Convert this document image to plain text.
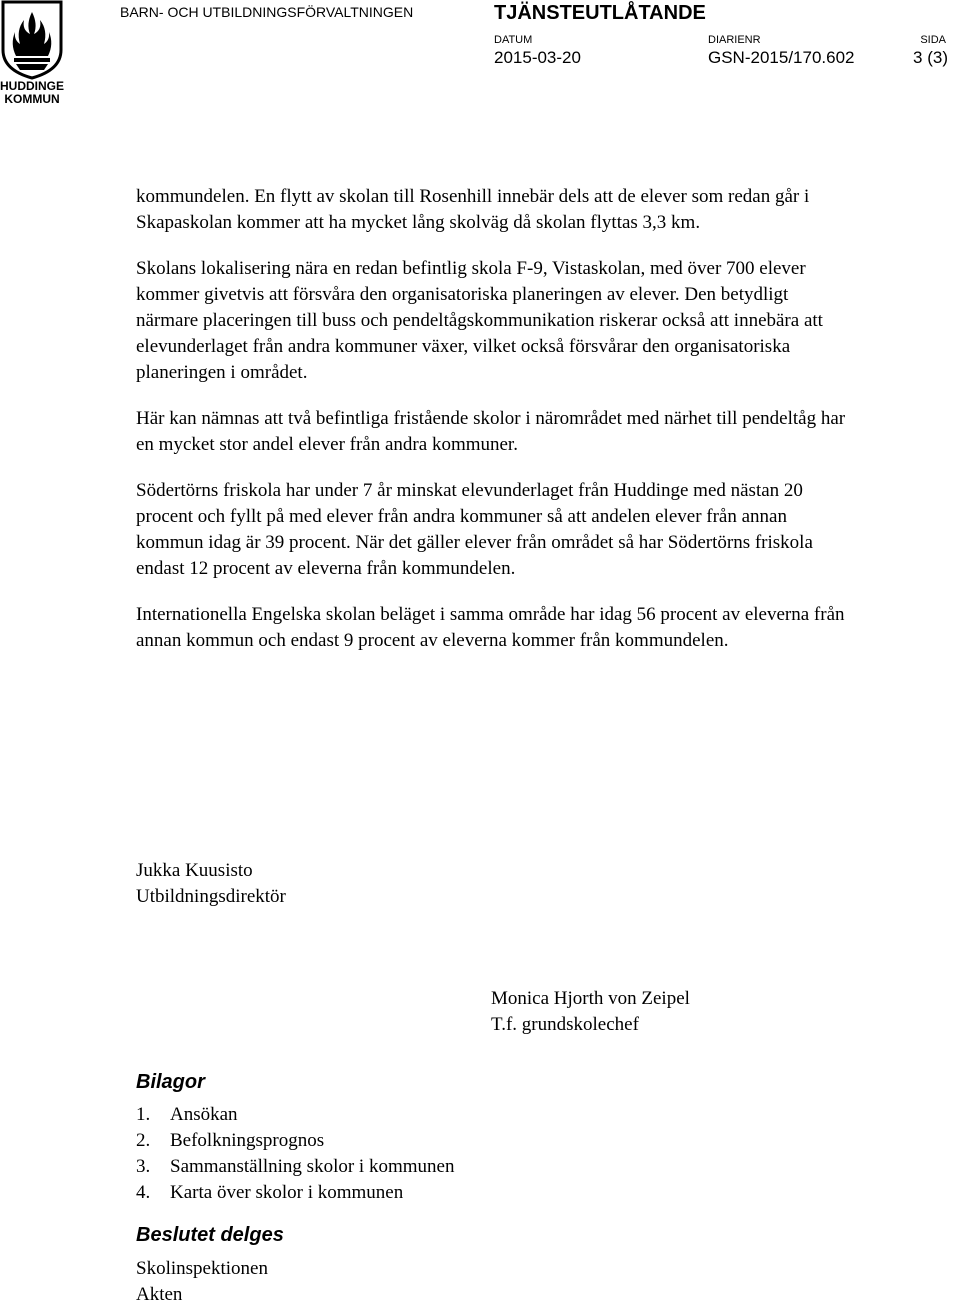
HUDDINGE
KOMMUN
BARN- OCH UTBILDNINGSFÖRVALTNINGEN	TJÄNSTEUTLÅTANDE
DATUM
2015-03-20
DIARIENR
GSN-2015/170.602
SIDA
3 (3)

kommundelen. En flytt av skolan till Rosenhill innebär dels att de elever som redan går i Skapaskolan kommer att ha mycket lång skolväg då skolan flyttas 3,3 km.

Skolans lokalisering nära en redan befintlig skola F-9, Vistaskolan, med över 700 elever kommer givetvis att försvåra den organisatoriska planeringen av elever. Den betydligt närmare placeringen till buss och pendeltågskommunikation riskerar också att innebära att elevunderlaget från andra kommuner växer, vilket också försvårar den organisatoriska planeringen i området.

Här kan nämnas att två befintliga fristående skolor i närområdet med närhet till pendeltåg har en mycket stor andel elever från andra kommuner.

Södertörns friskola har under 7 år minskat elevunderlaget från Huddinge med nästan 20 procent och fyllt på med elever från andra kommuner så att andelen elever från annan kommun idag är 39 procent. När det gäller elever från området så har Södertörns friskola endast 12 procent av eleverna från kommundelen.

Internationella Engelska skolan beläget i samma område har idag 56 procent av eleverna från annan kommun och endast 9 procent av eleverna kommer från kommundelen.

Jukka Kuusisto
Utbildningsdirektör
Monica Hjorth von Zeipel
T.f. grundskolechef
Bilagor
1. Ansökan
2. Befolkningsprognos
3. Sammanställning skolor i kommunen
4. Karta över skolor i kommunen
Beslutet delges
Skolinspektionen
Akten
